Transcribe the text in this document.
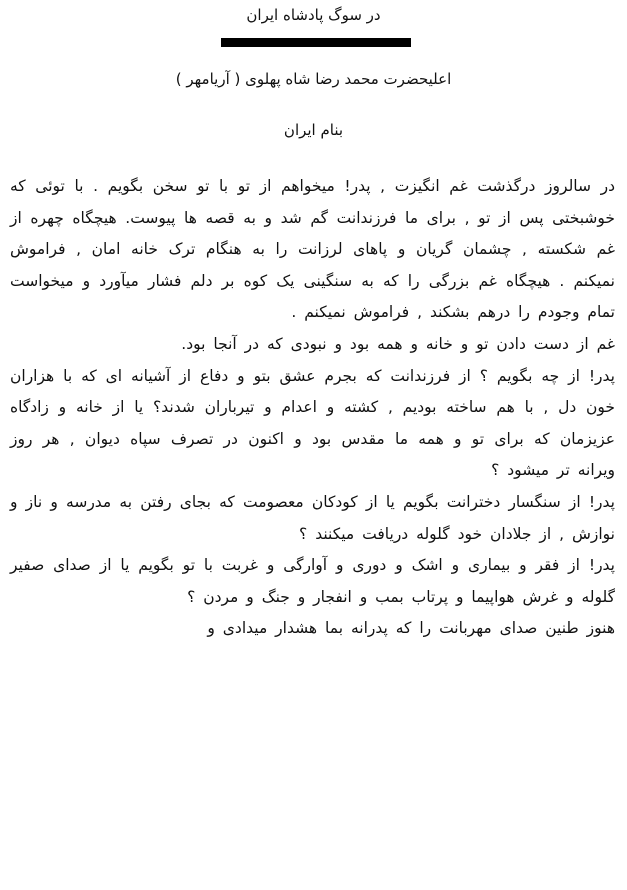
در سوگ پادشاه ایران
اعلیحضرت محمد رضا شاه پهلوی ( آریامهر )
بنام ایران

در سالروز درگذشت غم انگیزت , پدر! میخواهم از تو با تو سخن بگویم . با توئی که خوشبختی پس از تو , برای ما فرزندانت گم شد و به قصه ها پیوست. هیچگاه چهره از غم شکسته , چشمان گریان و پاهای لرزانت را به هنگام ترک خانه امان , فراموش نمیکنم . هیچگاه غم بزرگی را که به سنگینی یک کوه بر دلم فشار میآورد و میخواست تمام وجودم را درهم بشکند , فراموش نمیکنم .

غم از دست دادن تو و خانه و همه بود و نبودی که در آنجا بود.

پدر! از چه بگویم ؟ از فرزندانت که بجرم عشق بتو و دفاع از آشیانه ای که با هزاران خون دل , با هم ساخته بودیم , کشته و اعدام و تیرباران شدند؟ یا از خانه و زادگاه عزیزمان که برای تو و همه ما مقدس بود و اکنون در تصرف سپاه دیوان , هر روز ویرانه تر میشود ؟

پدر! از سنگسار دخترانت بگویم یا از کودکان معصومت که بجای رفتن به مدرسه و ناز و نوازش , از جلادان خود گلوله دریافت میکنند ؟

پدر! از فقر و بیماری و اشک و دوری و آوارگی و غربت با تو بگویم یا از صدای صفیر گلوله و غرش هواپیما و پرتاب بمب و انفجار و جنگ و مردن ؟

هنوز طنین صدای مهربانت را که پدرانه بما هشدار میدادی و
